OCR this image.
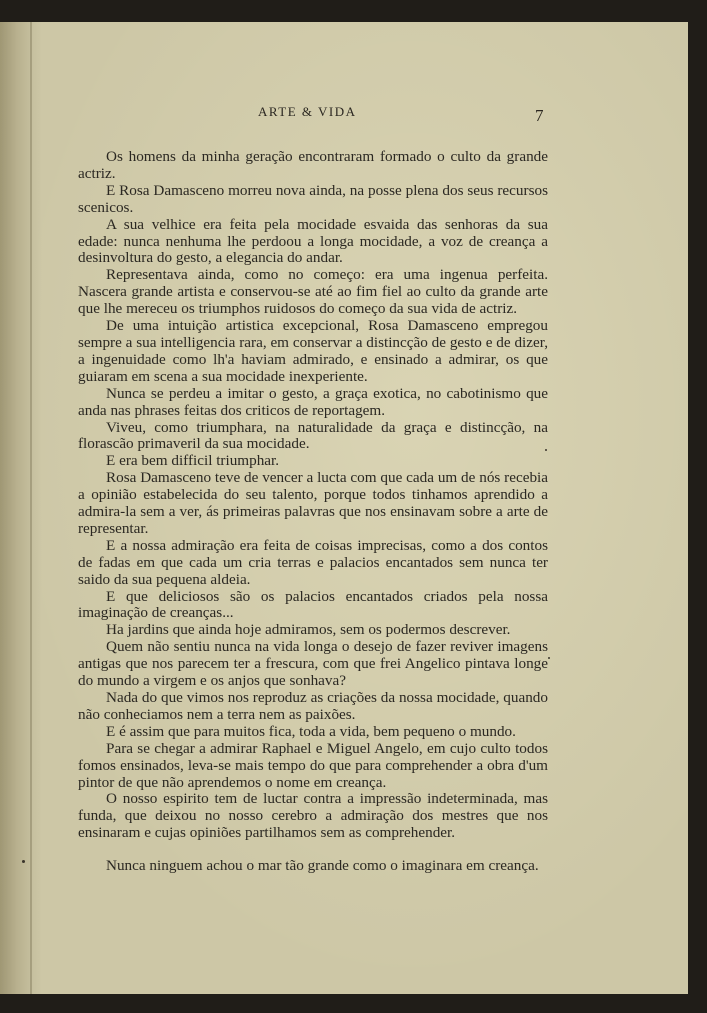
ARTE & VIDA	7

Os homens da minha geração encontraram formado o culto da grande actriz.

E Rosa Damasceno morreu nova ainda, na posse plena dos seus recursos scenicos.

A sua velhice era feita pela mocidade esvaida das senhoras da sua edade: nunca nenhuma lhe perdoou a longa mocidade, a voz de creança a desinvoltura do gesto, a elegancia do andar.

Representava ainda, como no começo: era uma ingenua perfeita. Nascera grande artista e conservou-se até ao fim fiel ao culto da grande arte que lhe mereceu os triumphos ruidosos do começo da sua vida de actriz.

De uma intuição artistica excepcional, Rosa Damasceno empregou sempre a sua intelligencia rara, em conservar a distincção de gesto e de dizer, a ingenuidade como lh'a haviam admirado, e ensinado a admirar, os que guiaram em scena a sua mocidade inexperiente.

Nunca se perdeu a imitar o gesto, a graça exotica, no cabotinismo que anda nas phrases feitas dos criticos de reportagem.

Viveu, como triumphara, na naturalidade da graça e distincção, na florascão primaveril da sua mocidade.

E era bem difficil triumphar.

Rosa Damasceno teve de vencer a lucta com que cada um de nós recebia a opinião estabelecida do seu talento, porque todos tinhamos aprendido a admira-la sem a ver, ás primeiras palavras que nos ensinavam sobre a arte de representar.

E a nossa admiração era feita de coisas imprecisas, como a dos contos de fadas em que cada um cria terras e palacios encantados sem nunca ter saido da sua pequena aldeia.

E que deliciosos são os palacios encantados criados pela nossa imaginação de creanças...

Ha jardins que ainda hoje admiramos, sem os podermos descrever.

Quem não sentiu nunca na vida longa o desejo de fazer reviver imagens antigas que nos parecem ter a frescura, com que frei Angelico pintava longe do mundo a virgem e os anjos que sonhava?

Nada do que vimos nos reproduz as criações da nossa mocidade, quando não conheciamos nem a terra nem as paixões.

E é assim que para muitos fica, toda a vida, bem pequeno o mundo.

Para se chegar a admirar Raphael e Miguel Angelo, em cujo culto todos fomos ensinados, leva-se mais tempo do que para comprehender a obra d'um pintor de que não aprendemos o nome em creança.

O nosso espirito tem de luctar contra a impressão indeterminada, mas funda, que deixou no nosso cerebro a admiração dos mestres que nos ensinaram e cujas opiniões partilhamos sem as comprehender.

Nunca ninguem achou o mar tão grande como o imaginara em creança.
